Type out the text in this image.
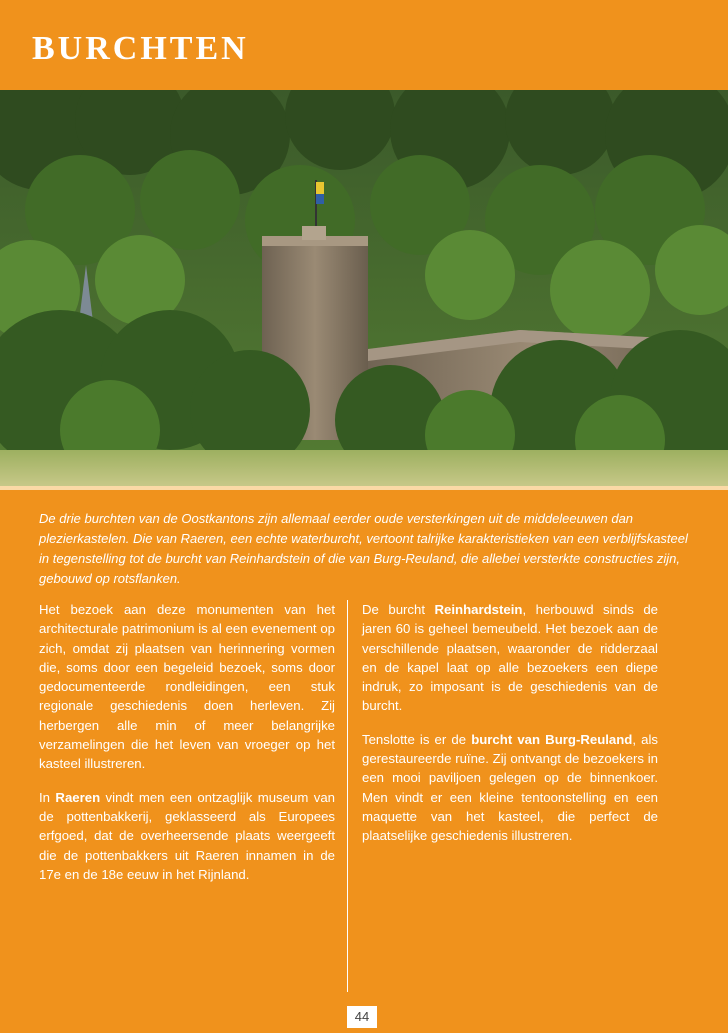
BURCHTEN

De drie burchten van de Oostkantons zijn allemaal eerder oude versterkingen uit de middeleeuwen dan plezierkastelen. Die van Raeren, een echte waterburcht, vertoont talrijke karakteristieken van een verblijfskasteel in tegenstelling tot de burcht van Reinhardstein of die van Burg-Reuland, die allebei versterkte constructies zijn, gebouwd op rotsflanken.

Het bezoek aan deze monumenten van het architecturale patrimonium is al een evenement op zich, omdat zij plaatsen van herinnering vormen die, soms door een begeleid bezoek, soms door gedocumenteerde rondleidingen, een stuk regionale geschiedenis doen herleven. Zij herbergen alle min of meer belangrijke verzamelingen die het leven van vroeger op het kasteel illustreren.

In Raeren vindt men een ontzaglijk museum van de pottenbakkerij, geklasseerd als Europees erfgoed, dat de overheersende plaats weergeeft die de pottenbakkers uit Raeren innamen in de 17e en de 18e eeuw in het Rijnland.

De burcht Reinhardstein, herbouwd sinds de jaren 60 is geheel bemeubeld. Het bezoek aan de verschillende plaatsen, waaronder de ridderzaal en de kapel laat op alle bezoekers een diepe indruk, zo imposant is de geschiedenis van de burcht.

Tenslotte is er de burcht van Burg-Reuland, als gerestaureerde ruïne. Zij ontvangt de bezoekers in een mooi paviljoen gelegen op de binnenkoer. Men vindt er een kleine tentoonstelling en een maquette van het kasteel, die perfect de plaatselijke geschiedenis illustreren.

44
